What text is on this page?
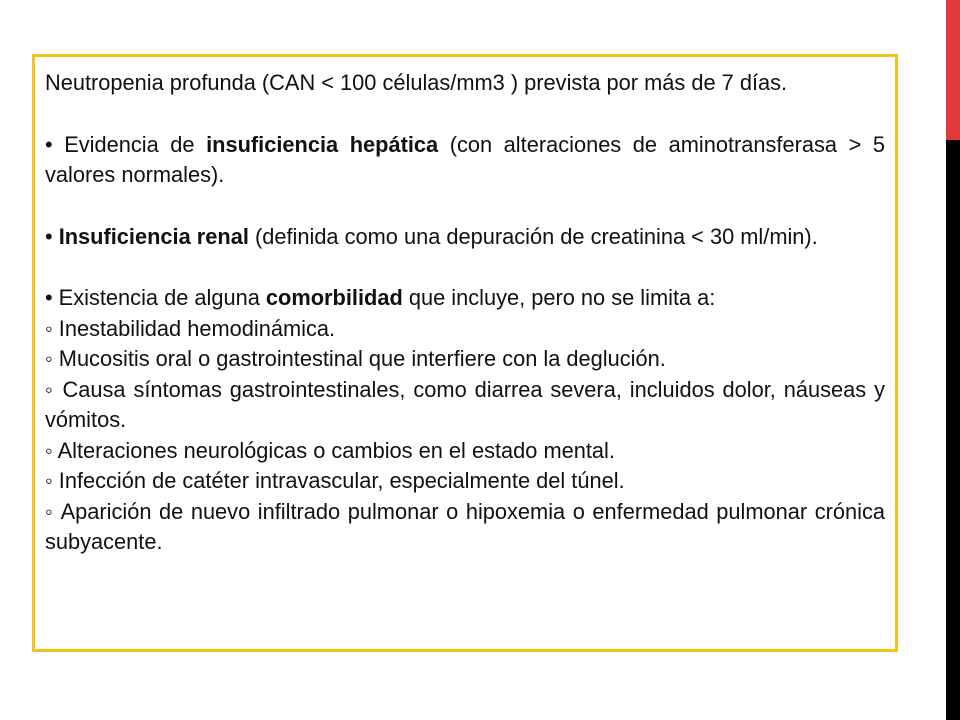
Neutropenia profunda (CAN < 100 células/mm3 ) prevista por más de 7 días.

• Evidencia de insuficiencia hepática (con alteraciones de aminotransferasa > 5 valores normales).

• Insuficiencia renal (definida como una depuración de creatinina < 30 ml/min).

• Existencia de alguna comorbilidad que incluye, pero no se limita a:

◦ Inestabilidad hemodinámica.

◦ Mucositis oral o gastrointestinal que interfiere con la deglución.

◦ Causa síntomas gastrointestinales, como diarrea severa, incluidos dolor, náuseas y vómitos.

◦ Alteraciones neurológicas o cambios en el estado mental.

◦ Infección de catéter intravascular, especialmente del túnel.

◦ Aparición de nuevo infiltrado pulmonar o hipoxemia o enfermedad pulmonar crónica subyacente.
